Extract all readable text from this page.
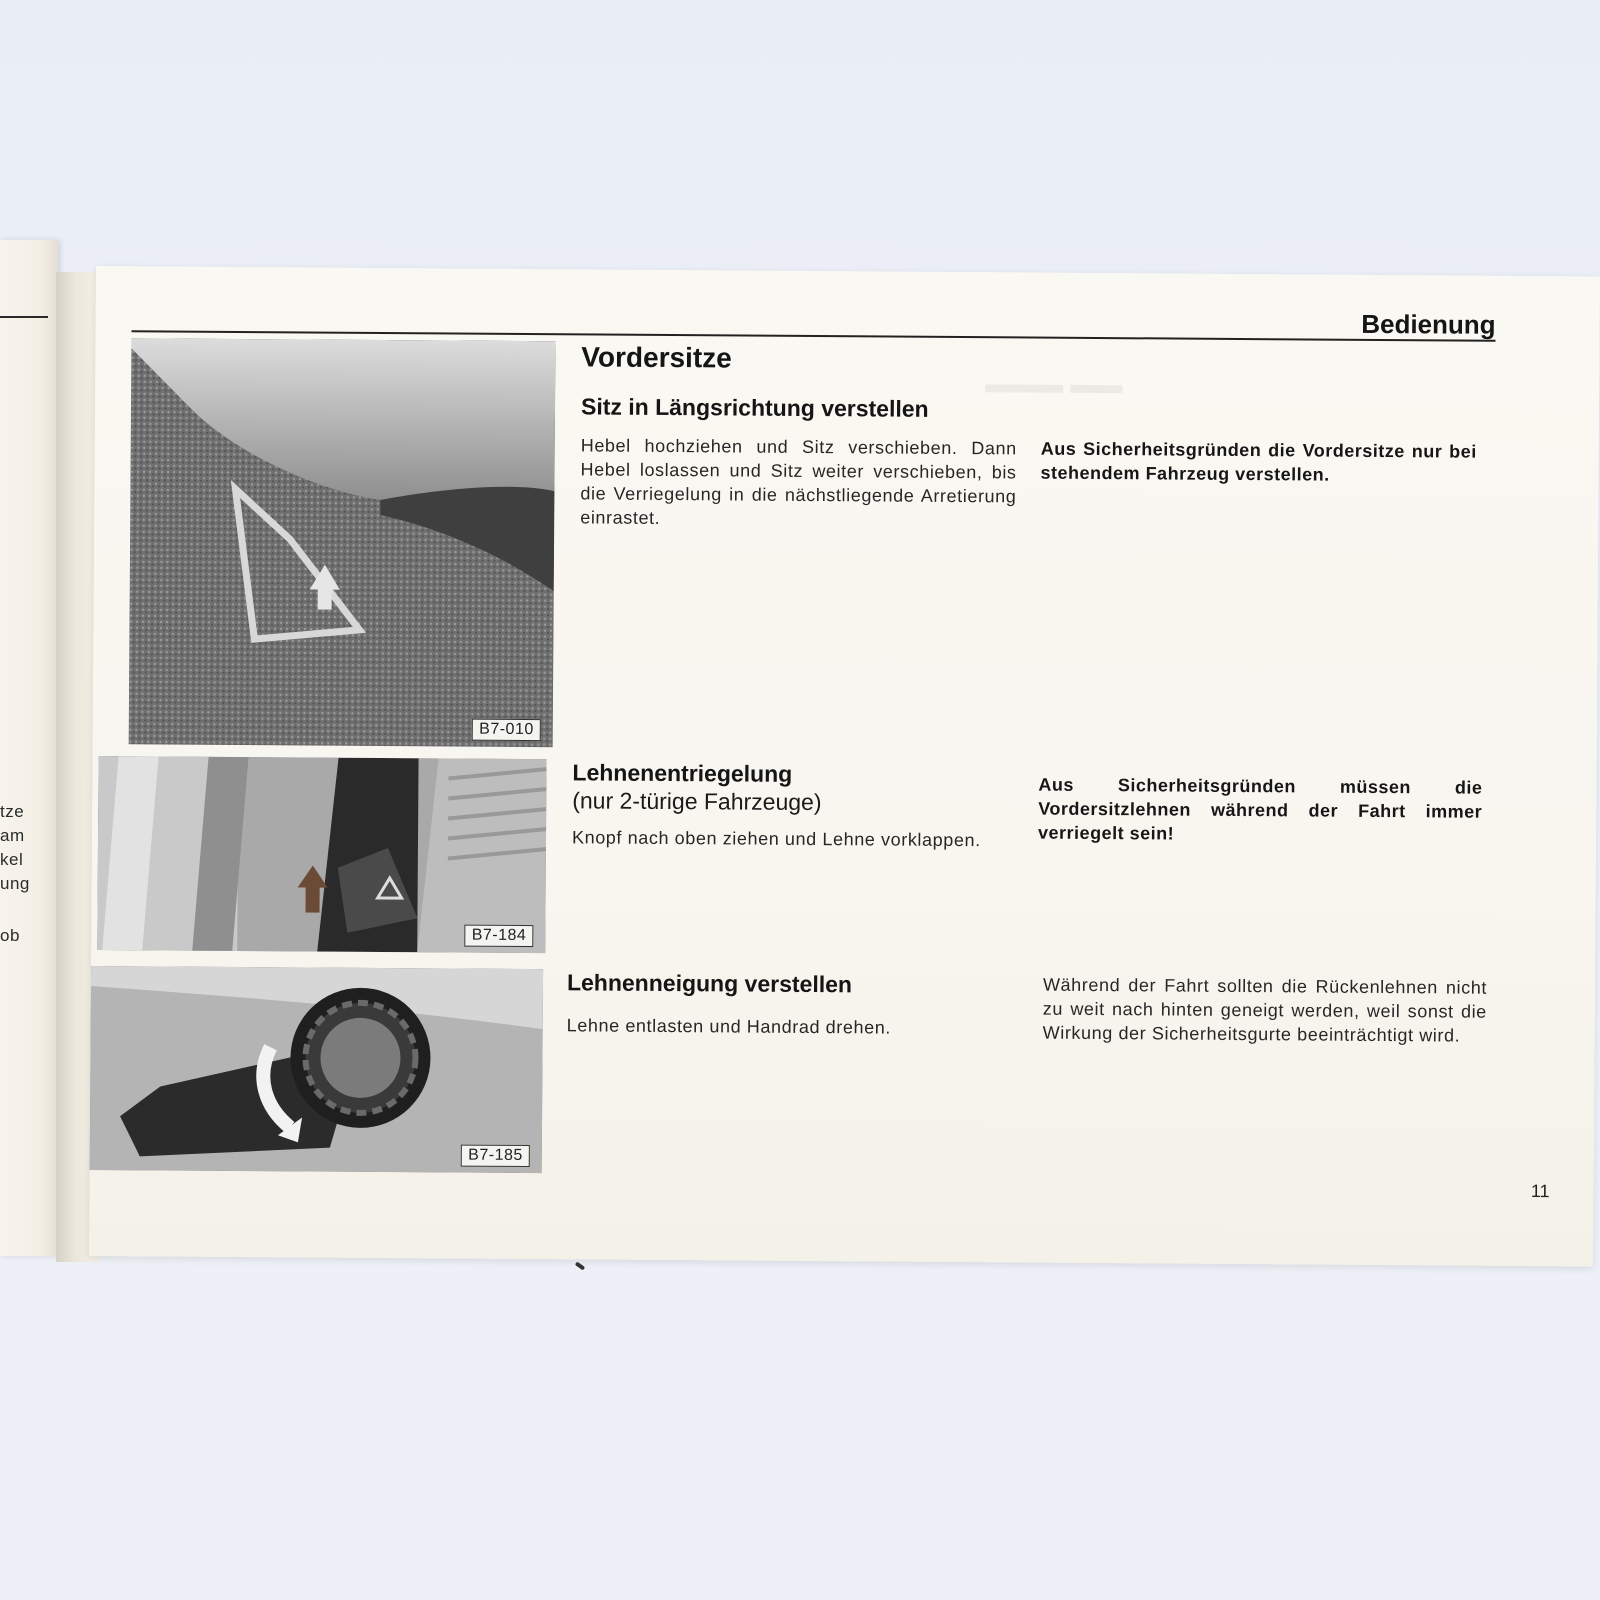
tze
am
kel
ung
ob
Bedienung
▬▬▬ ▬▬
B7-010
B7-184
B7-185
Vordersitze
Sitz in Längsrichtung verstellen
Hebel hochziehen und Sitz verschieben. Dann Hebel loslassen und Sitz weiter verschieben, bis die Verriegelung in die nächstliegende Arretierung einrastet.
Aus Sicherheitsgründen die Vordersitze nur bei stehendem Fahrzeug verstellen.
Lehnenentriegelung
(nur 2-türige Fahrzeuge)
Knopf nach oben ziehen und Lehne vorklappen.
Aus Sicherheitsgründen müssen die Vordersitzlehnen während der Fahrt immer verriegelt sein!
Lehnenneigung verstellen
Lehne entlasten und Handrad drehen.
Während der Fahrt sollten die Rückenlehnen nicht zu weit nach hinten geneigt werden, weil sonst die Wirkung der Sicherheitsgurte beeinträchtigt wird.
11
